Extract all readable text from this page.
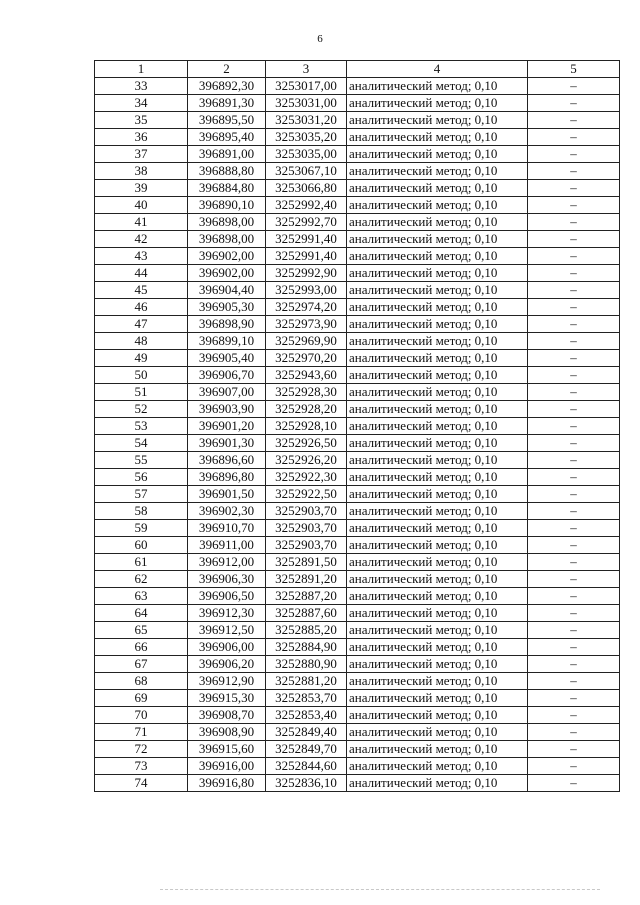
6
1	2	3	4	5
33	396892,30	3253017,00	аналитический метод; 0,10	–
34	396891,30	3253031,00	аналитический метод; 0,10	–
35	396895,50	3253031,20	аналитический метод; 0,10	–
36	396895,40	3253035,20	аналитический метод; 0,10	–
37	396891,00	3253035,00	аналитический метод; 0,10	–
38	396888,80	3253067,10	аналитический метод; 0,10	–
39	396884,80	3253066,80	аналитический метод; 0,10	–
40	396890,10	3252992,40	аналитический метод; 0,10	–
41	396898,00	3252992,70	аналитический метод; 0,10	–
42	396898,00	3252991,40	аналитический метод; 0,10	–
43	396902,00	3252991,40	аналитический метод; 0,10	–
44	396902,00	3252992,90	аналитический метод; 0,10	–
45	396904,40	3252993,00	аналитический метод; 0,10	–
46	396905,30	3252974,20	аналитический метод; 0,10	–
47	396898,90	3252973,90	аналитический метод; 0,10	–
48	396899,10	3252969,90	аналитический метод; 0,10	–
49	396905,40	3252970,20	аналитический метод; 0,10	–
50	396906,70	3252943,60	аналитический метод; 0,10	–
51	396907,00	3252928,30	аналитический метод; 0,10	–
52	396903,90	3252928,20	аналитический метод; 0,10	–
53	396901,20	3252928,10	аналитический метод; 0,10	–
54	396901,30	3252926,50	аналитический метод; 0,10	–
55	396896,60	3252926,20	аналитический метод; 0,10	–
56	396896,80	3252922,30	аналитический метод; 0,10	–
57	396901,50	3252922,50	аналитический метод; 0,10	–
58	396902,30	3252903,70	аналитический метод; 0,10	–
59	396910,70	3252903,70	аналитический метод; 0,10	–
60	396911,00	3252903,70	аналитический метод; 0,10	–
61	396912,00	3252891,50	аналитический метод; 0,10	–
62	396906,30	3252891,20	аналитический метод; 0,10	–
63	396906,50	3252887,20	аналитический метод; 0,10	–
64	396912,30	3252887,60	аналитический метод; 0,10	–
65	396912,50	3252885,20	аналитический метод; 0,10	–
66	396906,00	3252884,90	аналитический метод; 0,10	–
67	396906,20	3252880,90	аналитический метод; 0,10	–
68	396912,90	3252881,20	аналитический метод; 0,10	–
69	396915,30	3252853,70	аналитический метод; 0,10	–
70	396908,70	3252853,40	аналитический метод; 0,10	–
71	396908,90	3252849,40	аналитический метод; 0,10	–
72	396915,60	3252849,70	аналитический метод; 0,10	–
73	396916,00	3252844,60	аналитический метод; 0,10	–
74	396916,80	3252836,10	аналитический метод; 0,10	–
